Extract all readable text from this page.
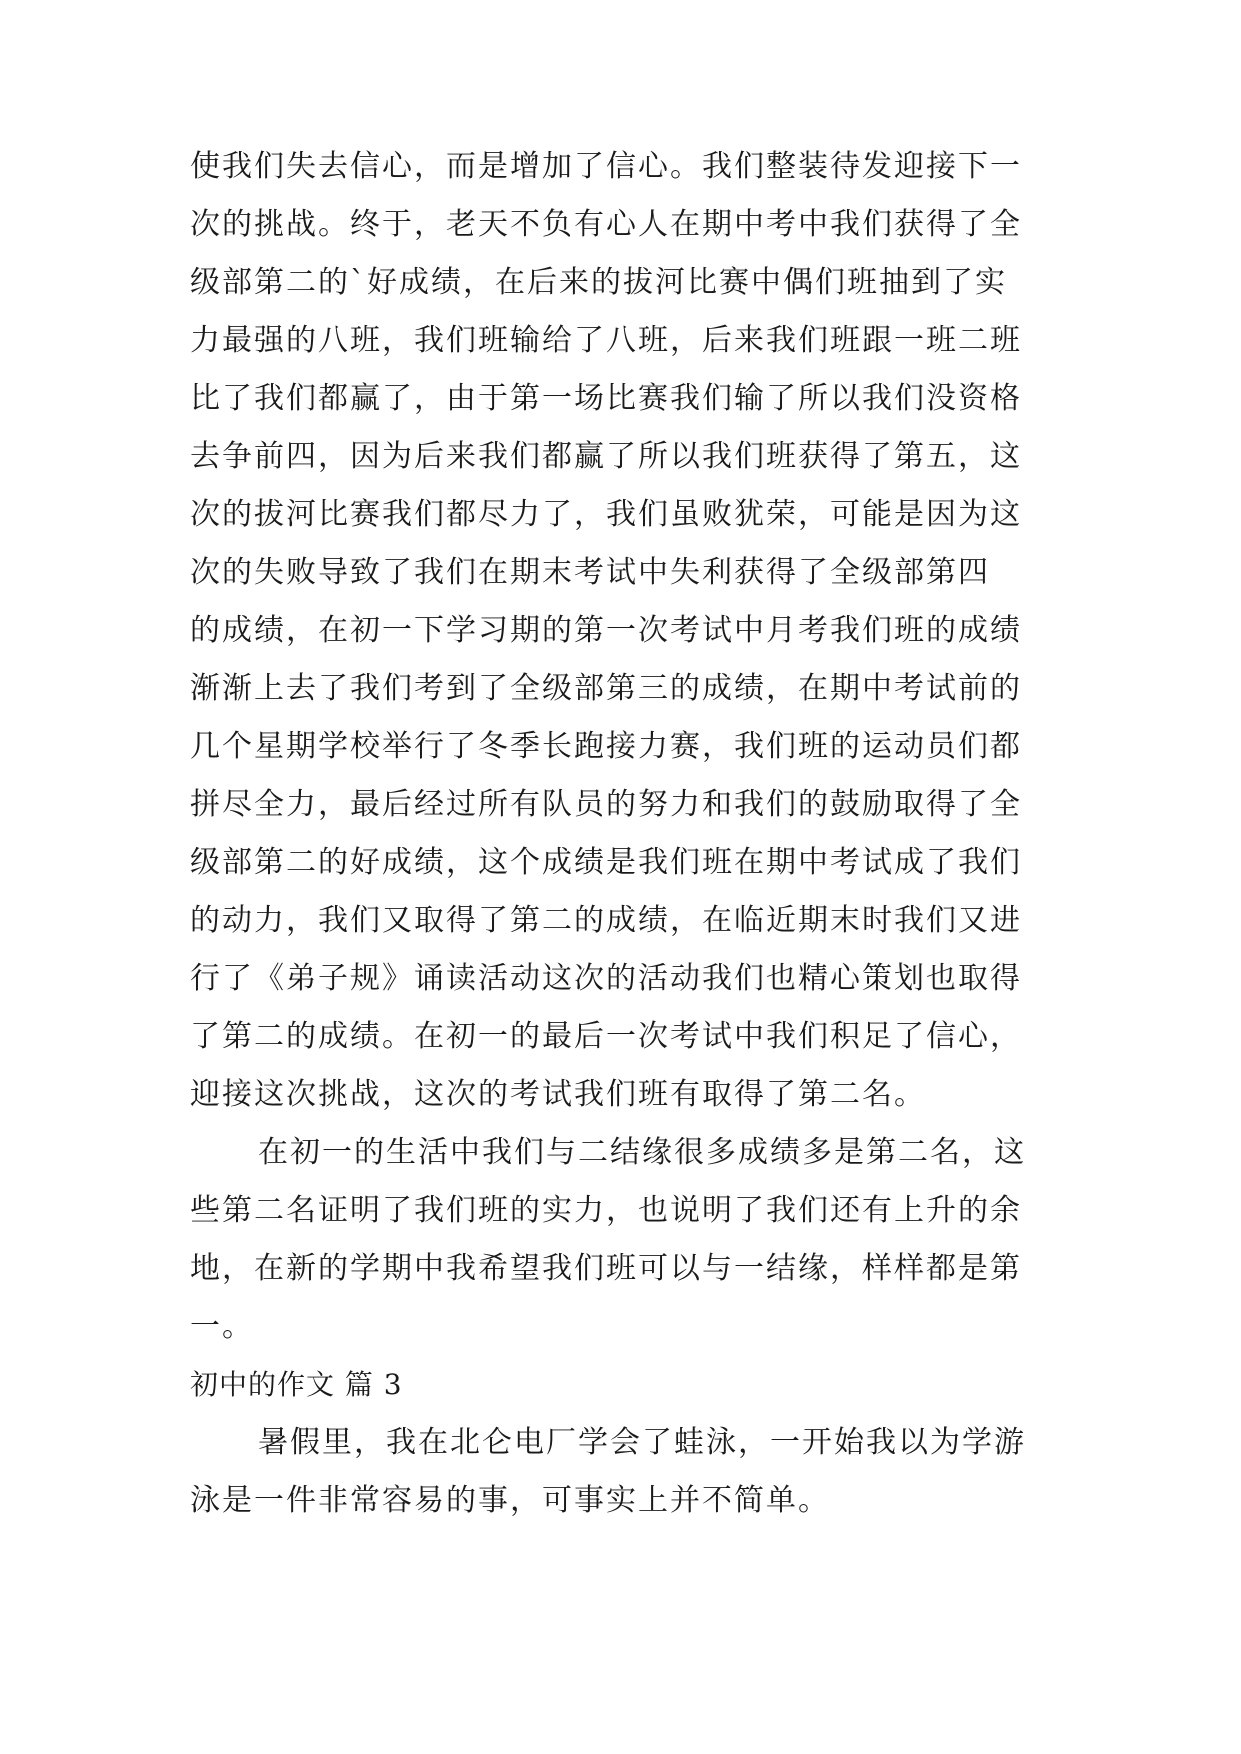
使我们失去信心，而是增加了信心。我们整装待发迎接下一
次的挑战。终于，老天不负有心人在期中考中我们获得了全
级部第二的`好成绩，在后来的拔河比赛中偶们班抽到了实
力最强的八班，我们班输给了八班，后来我们班跟一班二班
比了我们都赢了，由于第一场比赛我们输了所以我们没资格
去争前四，因为后来我们都赢了所以我们班获得了第五，这
次的拔河比赛我们都尽力了，我们虽败犹荣，可能是因为这
次的失败导致了我们在期末考试中失利获得了全级部第四
的成绩，在初一下学习期的第一次考试中月考我们班的成绩
渐渐上去了我们考到了全级部第三的成绩，在期中考试前的
几个星期学校举行了冬季长跑接力赛，我们班的运动员们都
拼尽全力，最后经过所有队员的努力和我们的鼓励取得了全
级部第二的好成绩，这个成绩是我们班在期中考试成了我们
的动力，我们又取得了第二的成绩，在临近期末时我们又进
行了《弟子规》诵读活动这次的活动我们也精心策划也取得
了第二的成绩。在初一的最后一次考试中我们积足了信心，
迎接这次挑战，这次的考试我们班有取得了第二名。
在初一的生活中我们与二结缘很多成绩多是第二名，这
些第二名证明了我们班的实力，也说明了我们还有上升的余
地，在新的学期中我希望我们班可以与一结缘，样样都是第
一。
初中的作文 篇 3
暑假里，我在北仑电厂学会了蛙泳，一开始我以为学游
泳是一件非常容易的事，可事实上并不简单。
